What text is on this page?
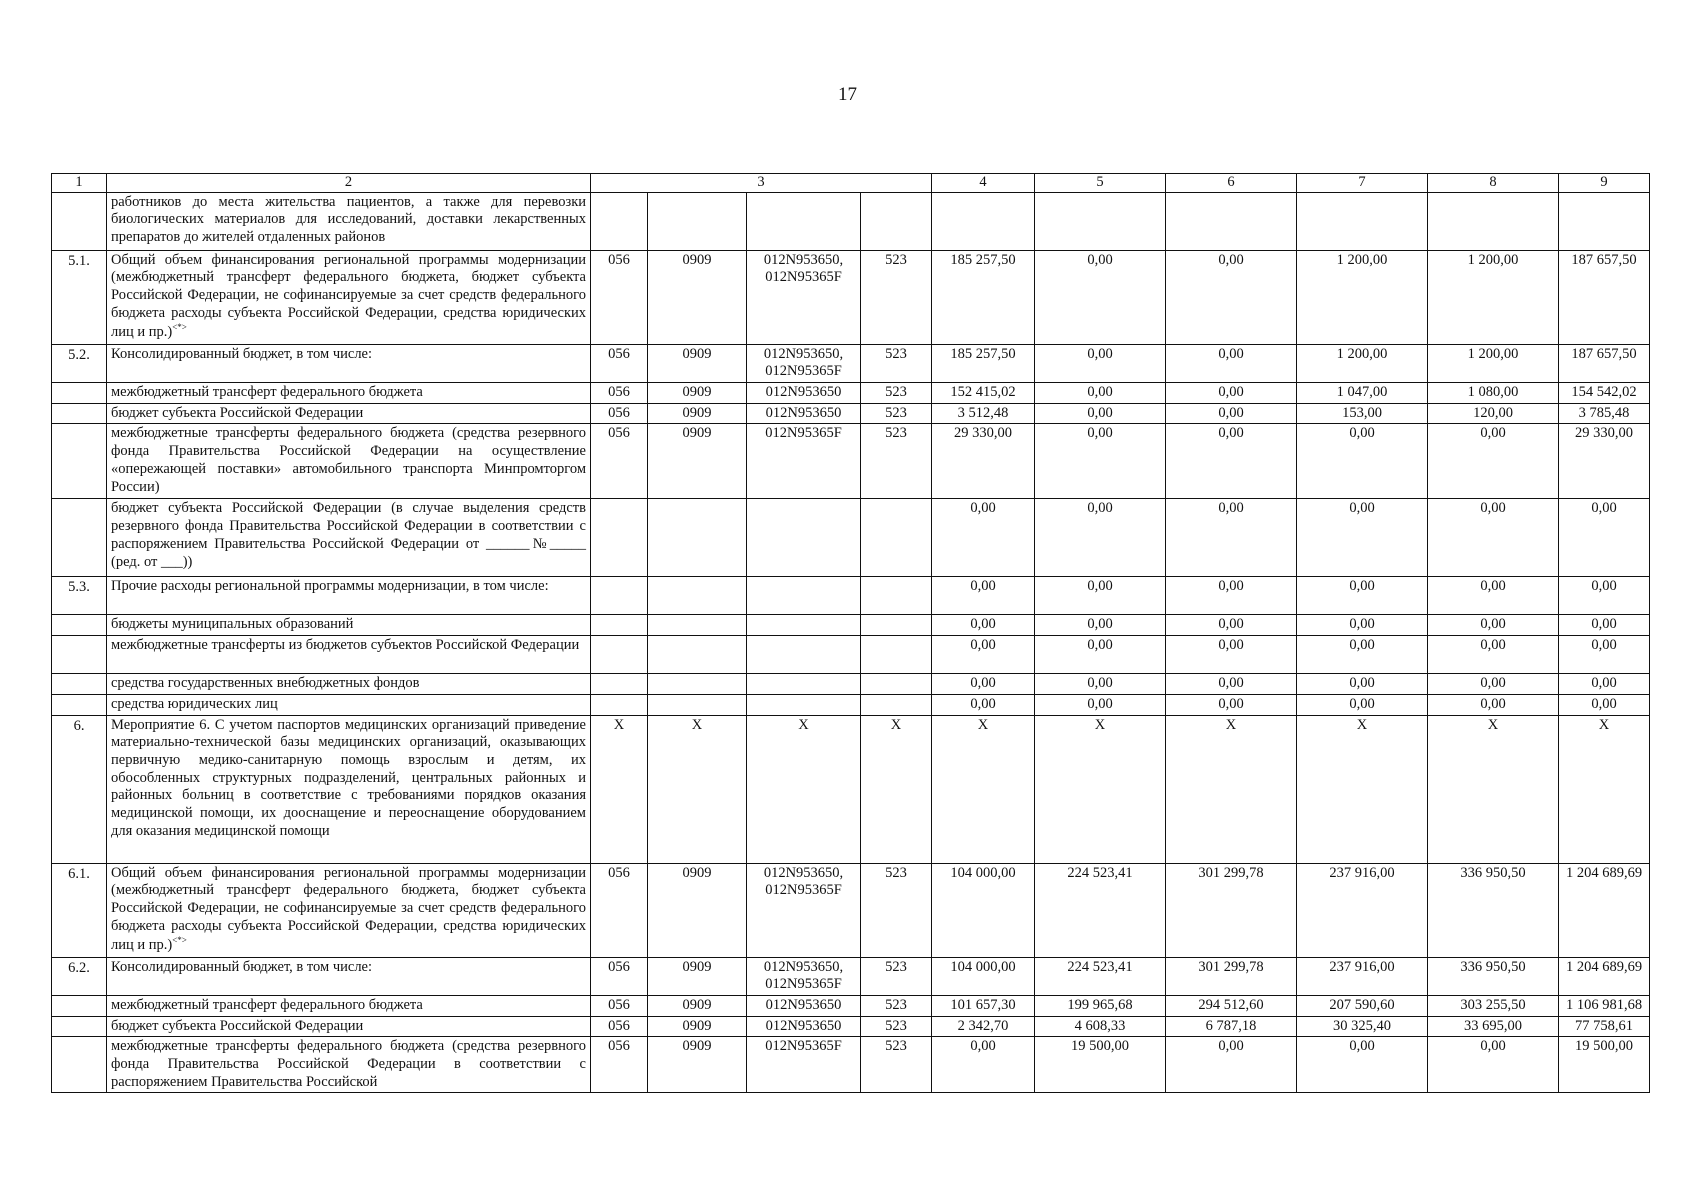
17
1	2	3				4	5	6	7	8	9
	работников до места жительства пациентов, а также для перевозки биологических материалов для исследований, доставки лекарственных препаратов до жителей отдаленных районов										
5.1.	Общий объем финансирования региональной программы модернизации (межбюджетный трансферт федерального бюджета, бюджет субъекта Российской Федерации, не софинансируемые за счет средств федерального бюджета расходы субъекта Российской Федерации, средства юридических лиц и пр.)<*>	056	0909	012N953650, 012N95365F	523	185 257,50	0,00	0,00	1 200,00	1 200,00	187 657,50
5.2.	Консолидированный бюджет, в том числе:	056	0909	012N953650, 012N95365F	523	185 257,50	0,00	0,00	1 200,00	1 200,00	187 657,50
	межбюджетный трансферт федерального бюджета	056	0909	012N953650	523	152 415,02	0,00	0,00	1 047,00	1 080,00	154 542,02
	бюджет субъекта Российской Федерации	056	0909	012N953650	523	3 512,48	0,00	0,00	153,00	120,00	3 785,48
	межбюджетные трансферты федерального бюджета (средства резервного фонда Правительства Российской Федерации на осуществление «опережающей поставки» автомобильного транспорта Минпромторгом России)	056	0909	012N95365F	523	29 330,00	0,00	0,00	0,00	0,00	29 330,00
	бюджет субъекта Российской Федерации (в случае выделения средств резервного фонда Правительства Российской Федерации в соответствии с распоряжением Правительства Российской Федерации от ______№_____ (ред. от ___))					0,00	0,00	0,00	0,00	0,00	0,00
5.3.	Прочие расходы региональной программы модернизации, в том числе:					0,00	0,00	0,00	0,00	0,00	0,00
	бюджеты муниципальных образований					0,00	0,00	0,00	0,00	0,00	0,00
	межбюджетные трансферты из бюджетов субъектов Российской Федерации					0,00	0,00	0,00	0,00	0,00	0,00
	средства государственных внебюджетных фондов					0,00	0,00	0,00	0,00	0,00	0,00
	средства юридических лиц					0,00	0,00	0,00	0,00	0,00	0,00
6.	Мероприятие 6. С учетом паспортов медицинских организаций приведение материально-технической базы медицинских организаций, оказывающих первичную медико-санитарную помощь взрослым и детям, их обособленных структурных подразделений, центральных районных и районных больниц в соответствие с требованиями порядков оказания медицинской помощи, их дооснащение и переоснащение оборудованием для оказания медицинской помощи	X	X	X	X	X	X	X	X	X	X
6.1.	Общий объем финансирования региональной программы модернизации (межбюджетный трансферт федерального бюджета, бюджет субъекта Российской Федерации, не софинансируемые за счет средств федерального бюджета расходы субъекта Российской Федерации, средства юридических лиц и пр.)<*>	056	0909	012N953650, 012N95365F	523	104 000,00	224 523,41	301 299,78	237 916,00	336 950,50	1 204 689,69
6.2.	Консолидированный бюджет, в том числе:	056	0909	012N953650, 012N95365F	523	104 000,00	224 523,41	301 299,78	237 916,00	336 950,50	1 204 689,69
	межбюджетный трансферт федерального бюджета	056	0909	012N953650	523	101 657,30	199 965,68	294 512,60	207 590,60	303 255,50	1 106 981,68
	бюджет субъекта Российской Федерации	056	0909	012N953650	523	2 342,70	4 608,33	6 787,18	30 325,40	33 695,00	77 758,61
	межбюджетные трансферты федерального бюджета (средства резервного фонда Правительства Российской Федерации в соответствии с распоряжением Правительства Российской	056	0909	012N95365F	523	0,00	19 500,00	0,00	0,00	0,00	19 500,00
